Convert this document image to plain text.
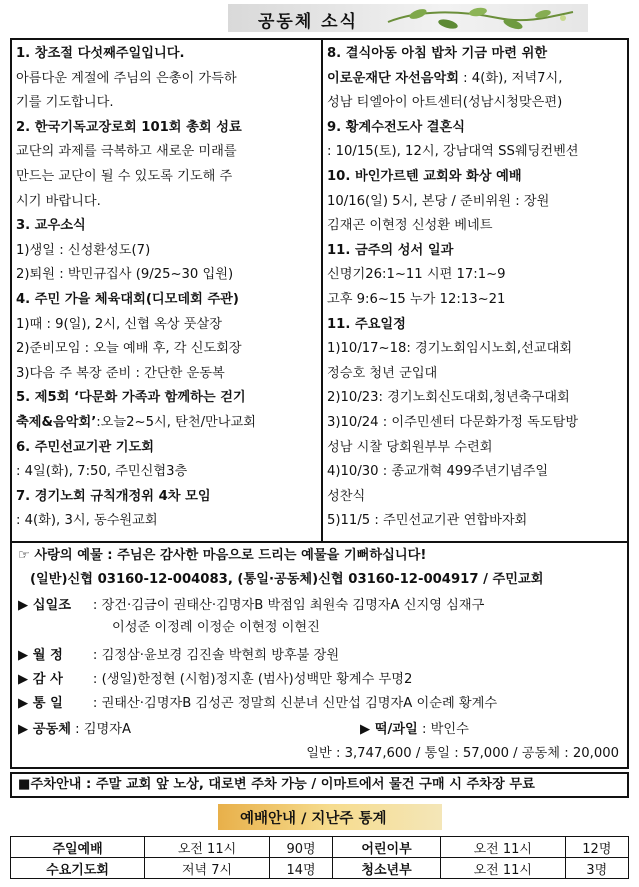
공동체 소식
1. 창조절 다섯째주일입니다.
아름다운 계절에 주님의 은총이 가득하
기를 기도합니다.
2. 한국기독교장로회 101회 총회 성료
교단의 과제를 극복하고 새로운 미래를
만드는 교단이 될 수 있도록 기도해 주
시기 바랍니다.
3. 교우소식
1)생일 : 신성환성도(7)
2)퇴원 : 박민규집사 (9/25~30 입원)
4. 주민 가을 체육대회(디모데회 주관)
1)때 : 9(일), 2시, 신협 옥상 풋살장
2)준비모임 : 오늘 예배 후, 각 신도회장
3)다음 주 복장 준비 : 간단한 운동복
5. 제5회 ‘다문화 가족과 함께하는 걷기
축제&음악회’:오늘2~5시, 탄천/만나교회
6. 주민선교기관 기도회
: 4일(화), 7:50, 주민신협3층
7. 경기노회 규칙개정위 4차 모임
: 4(화), 3시, 동수원교회
8. 결식아동 아침 밥차 기금 마련 위한
이로운재단 자선음악회 : 4(화), 저녁7시,
성남 티엘아이 아트센터(성남시청맞은편)
9. 황계수전도사 결혼식
: 10/15(토), 12시, 강남대역 SS웨딩컨벤션
10. 바인가르텐 교회와 화상 예배
10/16(일) 5시, 본당 / 준비위원 : 장원
김재곤 이현정 신성환 베네트
11. 금주의 성서 일과
신명기26:1~11 시편 17:1~9
고후 9:6~15 누가 12:13~21
11. 주요일정
1)10/17~18: 경기노회임시노회,선교대회
정승호 청년 군입대
2)10/23: 경기노회신도대회,청년축구대회
3)10/24 : 이주민센터 다문화가정 독도탐방
성남 시찰 당회원부부 수련회
4)10/30 : 종교개혁 499주년기념주일
성찬식
5)11/5 : 주민선교기관 연합바자회
☞ 사랑의 예물 : 주님은 감사한 마음으로 드리는 예물을 기뻐하십니다!
(일반)신협 03160-12-004083, (통일·공동체)신협 03160-12-004917 / 주민교회
▶ 십일조 : 장건·김금이 권태산·김명자B 박점임 최원숙 김명자A 신지영 심재구
이성준 이정례 이정순 이현정 이현진
▶ 월 정 : 김정삼·윤보경 김진솔 박현희 방후불 장원
▶ 감 사 : (생일)한정현 (시험)정지훈 (범사)성백만 황계수 무명2
▶ 통 일 : 권태산·김명자B 김성곤 정말희 신분녀 신만섭 김명자A 이순례 황계수
▶ 공동체 : 김명자A	▶ 떡/과일 : 박인수
일반 : 3,747,600 / 통일 : 57,000 / 공동체 : 20,000
■주차안내 : 주말 교회 앞 노상, 대로변 주차 가능 / 이마트에서 물건 구매 시 주차장 무료
예배안내 / 지난주 통계
주일예배	오전 11시	90명	어린이부	오전 11시	12명
수요기도회	저녁 7시	14명	청소년부	오전 11시	3명
